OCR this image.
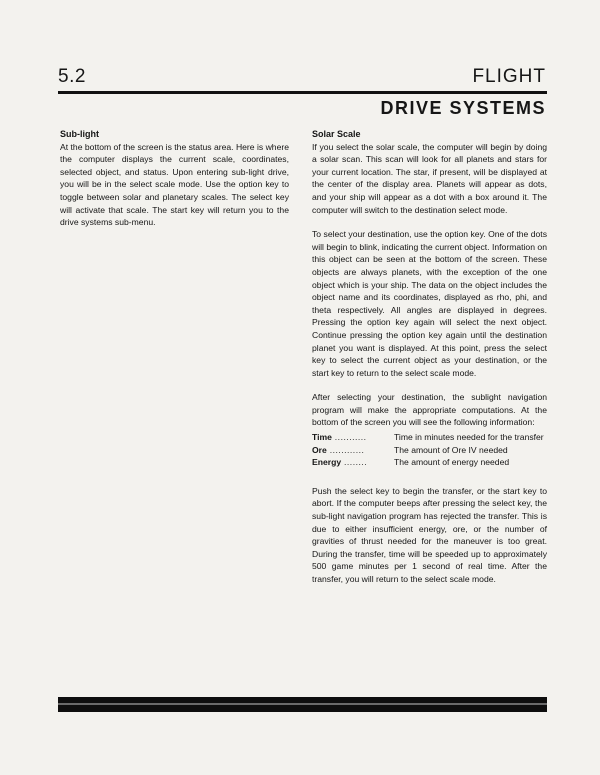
5.2	FLIGHT
DRIVE SYSTEMS
Sub-light

At the bottom of the screen is the status area. Here is where the computer displays the current scale, coordinates, selected object, and status. Upon entering sub-light drive, you will be in the select scale mode. Use the option key to toggle between solar and planetary scales. The select key will activate that scale. The start key will return you to the drive systems sub-menu.

Solar Scale

If you select the solar scale, the computer will begin by doing a solar scan. This scan will look for all planets and stars for your current location. The star, if present, will be displayed at the center of the display area. Planets will appear as dots, and your ship will appear as a dot with a box around it. The computer will switch to the destination select mode.

To select your destination, use the option key. One of the dots will begin to blink, indicating the current object. Information on this object can be seen at the bottom of the screen. These objects are always planets, with the exception of the one object which is your ship. The data on the object includes the object name and its coordinates, displayed as rho, phi, and theta respectively. All angles are displayed in degrees. Pressing the option key again will select the next object. Continue pressing the option key again until the destination planet you want is displayed. At this point, press the select key to select the current object as your destination, or the start key to return to the select scale mode.

After selecting your destination, the sublight navigation program will make the appropriate computations. At the bottom of the screen you will see the following information:

Time ...........	Time in minutes needed for the transfer
Ore ............	The amount of Ore IV needed
Energy ........	The amount of energy needed

Push the select key to begin the transfer, or the start key to abort. If the computer beeps after pressing the select key, the sub-light navigation program has rejected the transfer. This is due to either insufficient energy, ore, or the number of gravities of thrust needed for the maneuver is too great. During the transfer, time will be speeded up to approximately 500 game minutes per 1 second of real time. After the transfer, you will return to the select scale mode.
